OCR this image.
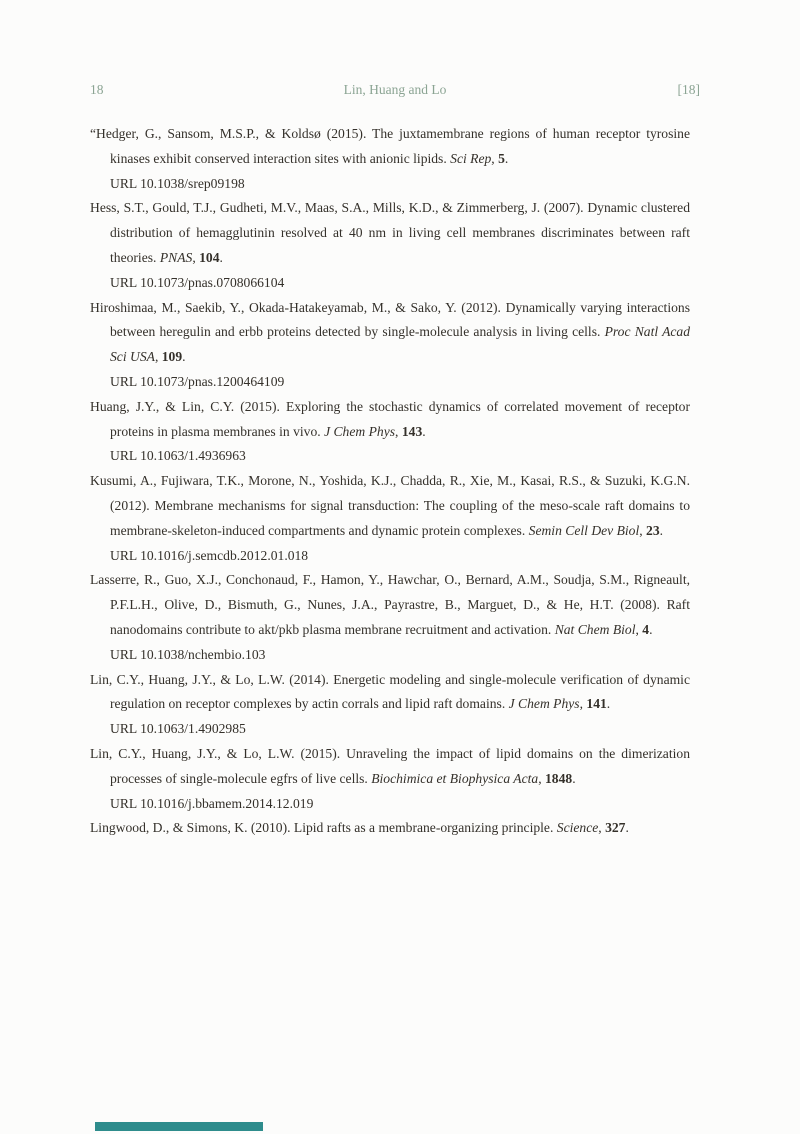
18	Lin, Huang and Lo	[18]

“Hedger, G., Sansom, M.S.P., & Koldsø (2015). The juxtamembrane regions of human receptor tyrosine kinases exhibit conserved interaction sites with anionic lipids. Sci Rep, 5.

URL 10.1038/srep09198

Hess, S.T., Gould, T.J., Gudheti, M.V., Maas, S.A., Mills, K.D., & Zimmerberg, J. (2007). Dynamic clustered distribution of hemagglutinin resolved at 40 nm in living cell membranes discriminates between raft theories. PNAS, 104.

URL 10.1073/pnas.0708066104

Hiroshimaa, M., Saekib, Y., Okada-Hatakeyamab, M., & Sako, Y. (2012). Dynamically varying interactions between heregulin and erbb proteins detected by single-molecule analysis in living cells. Proc Natl Acad Sci USA, 109.

URL 10.1073/pnas.1200464109

Huang, J.Y., & Lin, C.Y. (2015). Exploring the stochastic dynamics of correlated movement of receptor proteins in plasma membranes in vivo. J Chem Phys, 143.

URL 10.1063/1.4936963

Kusumi, A., Fujiwara, T.K., Morone, N., Yoshida, K.J., Chadda, R., Xie, M., Kasai, R.S., & Suzuki, K.G.N. (2012). Membrane mechanisms for signal transduction: The coupling of the meso-scale raft domains to membrane-skeleton-induced compartments and dynamic protein complexes. Semin Cell Dev Biol, 23.

URL 10.1016/j.semcdb.2012.01.018

Lasserre, R., Guo, X.J., Conchonaud, F., Hamon, Y., Hawchar, O., Bernard, A.M., Soudja, S.M., Rigneault, P.F.L.H., Olive, D., Bismuth, G., Nunes, J.A., Payrastre, B., Marguet, D., & He, H.T. (2008). Raft nanodomains contribute to akt/pkb plasma membrane recruitment and activation. Nat Chem Biol, 4.

URL 10.1038/nchembio.103

Lin, C.Y., Huang, J.Y., & Lo, L.W. (2014). Energetic modeling and single-molecule verification of dynamic regulation on receptor complexes by actin corrals and lipid raft domains. J Chem Phys, 141.

URL 10.1063/1.4902985

Lin, C.Y., Huang, J.Y., & Lo, L.W. (2015). Unraveling the impact of lipid domains on the dimerization processes of single-molecule egfrs of live cells. Biochimica et Biophysica Acta, 1848.

URL 10.1016/j.bbamem.2014.12.019

Lingwood, D., & Simons, K. (2010). Lipid rafts as a membrane-organizing principle. Science, 327.
